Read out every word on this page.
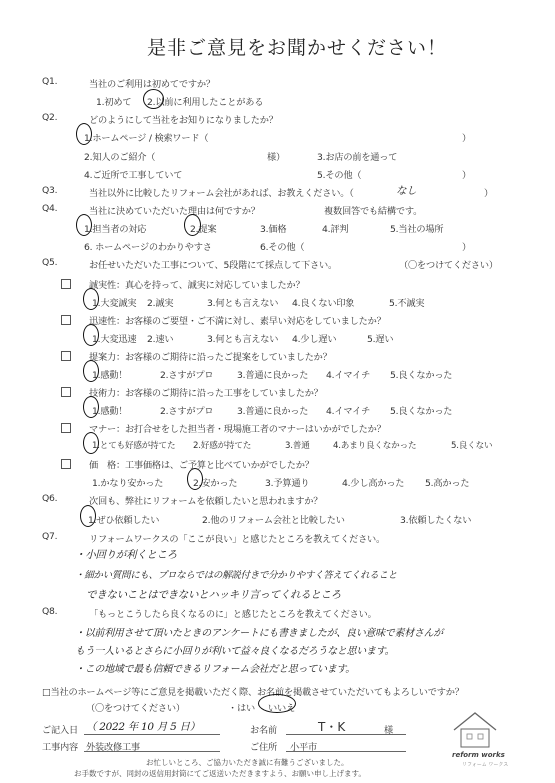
是非ご意見をお聞かせください！
Q1.	当社のご利用は初めてですか？
1.初めて 2.以前に利用したことがある
Q2.	どのようにして当社をお知りになりましたか？
1.ホームページ / 検索ワード（	）
2.知人のご紹介（	様）	3.お店の前を通って
4.ご近所で工事していて	5.その他（	）
Q3.	当社以外に比較したリフォーム会社があれば、お教えください。（	なし	）
Q4.	当社に決めていただいた理由は何ですか？	複数回答でも結構です。
1.担当者の対応	2.提案	3.価格	4.評判	5.当社の場所
6. ホームページのわかりやすさ	6.その他（	）
Q5.	お任せいただいた工事について、5段階にて採点して下さい。	（〇をつけてください）
誠実性：真心を持って、誠実に対応していましたか？
1.大変誠実 2.誠実	3.何とも言えない 4.良くない印象	5.不誠実
迅速性：お客様のご要望・ご不満に対し、素早い対応をしていましたか？
1.大変迅速 2.速い	3.何とも言えない 4.少し遅い	5.遅い
提案力：お客様のご期待に沿ったご提案をしていましたか？
1.感動！	2.さすがプロ	3.普通に良かった 4.イマイチ 5.良くなかった
技術力：お客様のご期待に沿った工事をしていましたか？
1.感動！	2.さすがプロ	3.普通に良かった 4.イマイチ 5.良くなかった
マナー：お打合せをした担当者・現場施工者のマナーはいかがでしたか？
1.とても好感が持てた 2.好感が持てた	3.普通	4.あまり良くなかった	5.良くない
価　格：工事価格は、ご予算と比べていかがでしたか？
1.かなり安かった	2.安かった	3.予算通り	4.少し高かった 5.高かった
Q6.	次回も、弊社にリフォームを依頼したいと思われますか？
1.ぜひ依頼したい	2.他のリフォーム会社と比較したい	3.依頼したくない
Q7.	リフォームワークスの「ここが良い」と感じたところを教えてください。
・小回りが利くところ
・細かい質問にも、プロならではの解説付きで分かりやすく答えてくれること
できないことはできないとハッキリ言ってくれるところ
Q8.	「もっとこうしたら良くなるのに」と感じたところを教えてください。
・以前利用させて頂いたときのアンケートにも書きましたが、良い意味で素材さんが
もう一人いるとさらに小回りが利いて益々良くなるだろうなと思います。
・この地域で最も信頼できるリフォーム会社だと思っています。
□当社のホームページ等にご意見を掲載いただく際、お名前を掲載させていただいてもよろしいですか？
（〇をつけてください）	・はい いいえ
ご記入日 （ 2022 年 10 月 5 日）	お名前	T・K	様
工事内容 外装改修工事	ご住所 小平市
お忙しいところ、ご協力いただき誠に有難うございました。
お手数ですが、同封の返信用封筒にてご返送いただきますよう、お願い申し上げます。
reform works
リフォーム ワークス
